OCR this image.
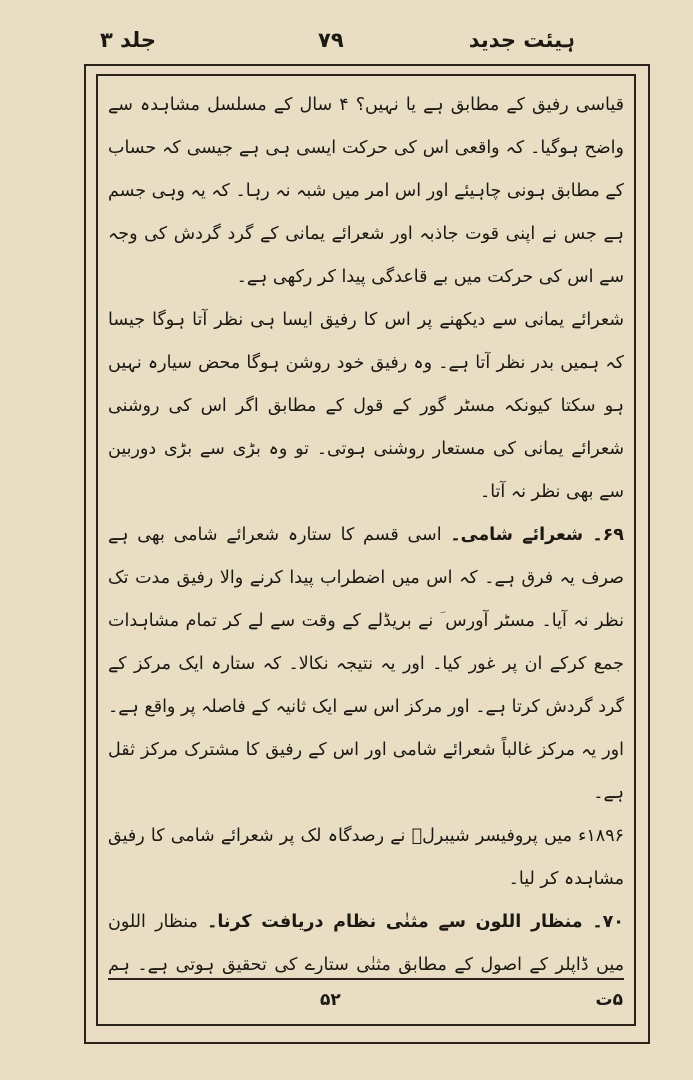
ہیئت جدید
۷۹
جلد ۳

قیاسی رفیق کے مطابق ہے یا نہیں؟ ۴ سال کے مسلسل مشاہدہ سے واضح ہوگیا۔ کہ واقعی اس کی حرکت ایسی ہی ہے جیسی کہ حساب کے مطابق ہونی چاہیئے اور اس امر میں شبہ نہ رہا۔ کہ یہ وہی جسم ہے جس نے اپنی قوت جاذبہ اور شعرائے یمانی کے گرد گردش کی وجہ سے اس کی حرکت میں بے قاعدگی پیدا کر رکھی ہے۔

شعرائے یمانی سے دیکھنے پر اس کا رفیق ایسا ہی نظر آتا ہوگا جیسا کہ ہمیں بدر نظر آتا ہے۔ وہ رفیق خود روشن ہوگا محض سیارہ نہیں ہو سکتا کیونکہ مسٹر گور کے قول کے مطابق اگر اس کی روشنی شعرائے یمانی کی مستعار روشنی ہوتی۔ تو وہ بڑی سے بڑی دوربین سے بھی نظر نہ آتا۔

۶۹۔ شعرائے شامی۔ اسی قسم کا ستارہ شعرائے شامی بھی ہے صرف یہ فرق ہے۔ کہ اس میں اضطراب پیدا کرنے والا رفیق مدت تک نظر نہ آیا۔ مسٹر آورس ؔ نے بریڈلے کے وقت سے لے کر تمام مشاہدات جمع کرکے ان پر غور کیا۔ اور یہ نتیجہ نکالا۔ کہ ستارہ ایک مرکز کے گرد گردش کرتا ہے۔ اور مرکز اس سے ایک ثانیہ کے فاصلہ پر واقع ہے۔ اور یہ مرکز غالباً شعرائے شامی اور اس کے رفیق کا مشترک مرکز ثقل ہے۔

۱۸۹۶ء میں پروفیسر شیبرلؔ نے رصدگاہ لک پر شعرائے شامی کا رفیق مشاہدہ کر لیا۔

۷۰۔ منظار اللون سے مثنٰی نظام دریافت کرنا۔ منظار اللون میں ڈاپلر کے اصول کے مطابق مثنٰی ستارے کی تحقیق ہوتی ہے۔ ہم

۵۲	۵ت
